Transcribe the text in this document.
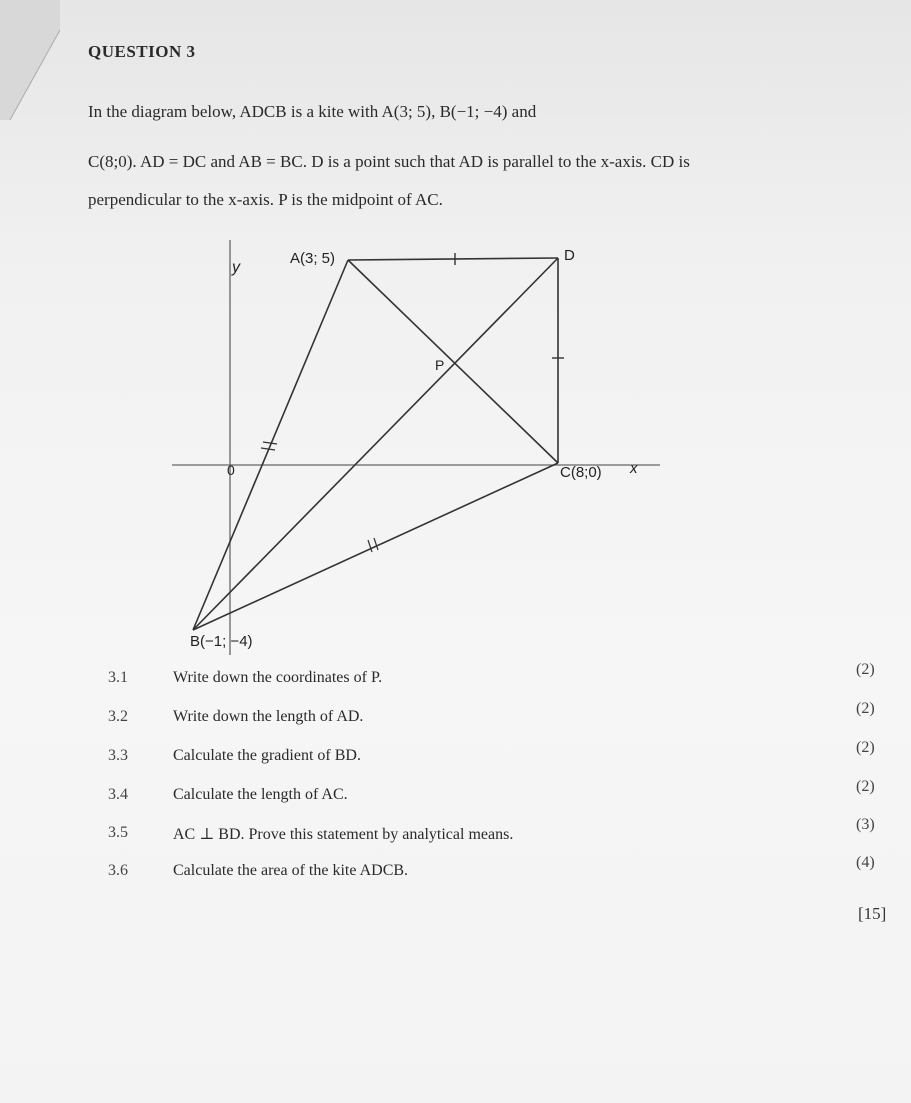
QUESTION 3
In the diagram below, ADCB is a kite with A(3; 5), B(−1; −4) and
C(8;0). AD = DC and AB = BC. D is a point such that AD is parallel to the x-axis. CD is
perpendicular to the x-axis. P is the midpoint of AC.
y
A(3; 5)	D
P
0	C(8;0) x
B(−1; −4)
3.1	Write down the coordinates of P.	(2)
3.2	Write down the length of AD.	(2)
3.3	Calculate the gradient of BD.	(2)
3.4	Calculate the length of AC.	(2)
3.5	AC ⊥ BD. Prove this statement by analytical means.
(3)
3.6	Calculate the area of the kite ADCB.	(4)
[15]
